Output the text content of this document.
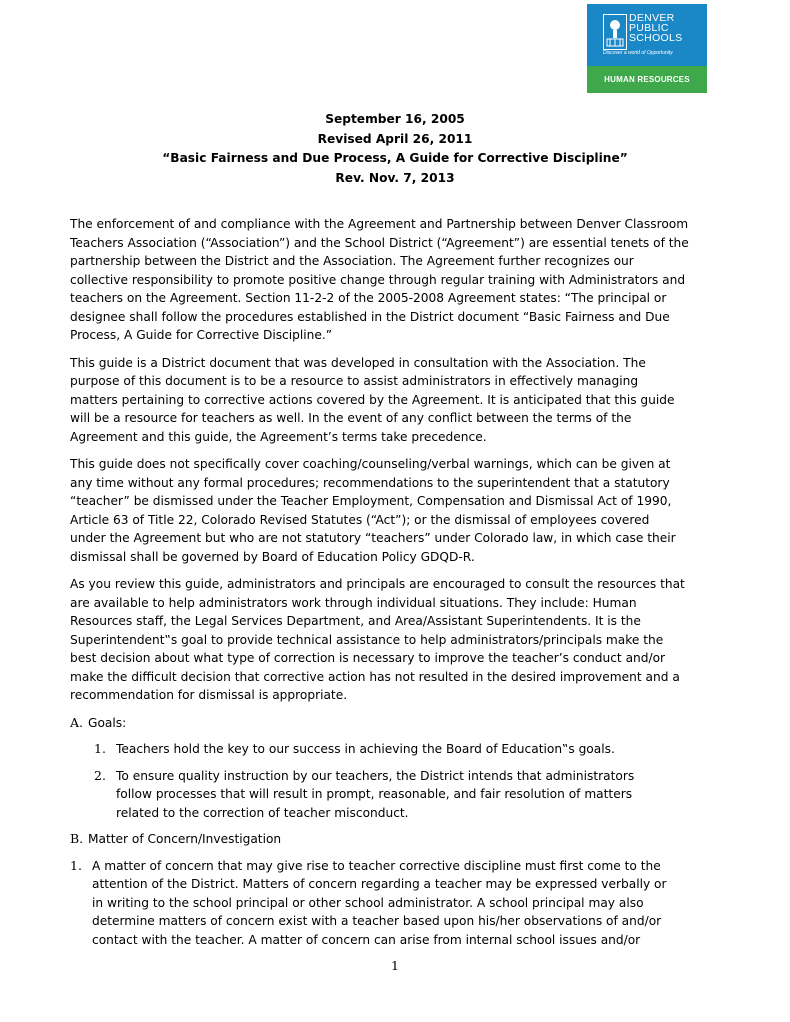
DENVER
PUBLIC
SCHOOLS
Discover a world of Opportunity
HUMAN RESOURCES
September 16, 2005
Revised April 26, 2011
“Basic Fairness and Due Process, A Guide for Corrective Discipline”
Rev. Nov. 7, 2013

The enforcement of and compliance with the Agreement and Partnership between Denver Classroom
Teachers Association (“Association”) and the School District (“Agreement”) are essential tenets of the
partnership between the District and the Association. The Agreement further recognizes our
collective responsibility to promote positive change through regular training with Administrators and
teachers on the Agreement. Section 11-2-2 of the 2005-2008 Agreement states: “The principal or
designee shall follow the procedures established in the District document “Basic Fairness and Due
Process, A Guide for Corrective Discipline.”

This guide is a District document that was developed in consultation with the Association. The
purpose of this document is to be a resource to assist administrators in effectively managing
matters pertaining to corrective actions covered by the Agreement. It is anticipated that this guide
will be a resource for teachers as well. In the event of any conflict between the terms of the
Agreement and this guide, the Agreement’s terms take precedence.

This guide does not specifically cover coaching/counseling/verbal warnings, which can be given at
any time without any formal procedures; recommendations to the superintendent that a statutory
“teacher” be dismissed under the Teacher Employment, Compensation and Dismissal Act of 1990,
Article 63 of Title 22, Colorado Revised Statutes (“Act”); or the dismissal of employees covered
under the Agreement but who are not statutory “teachers” under Colorado law, in which case their
dismissal shall be governed by Board of Education Policy GDQD-R.

As you review this guide, administrators and principals are encouraged to consult the resources that
are available to help administrators work through individual situations. They include: Human
Resources staff, the Legal Services Department, and Area/Assistant Superintendents. It is the
Superintendent‟s goal to provide technical assistance to help administrators/principals make the
best decision about what type of correction is necessary to improve the teacher’s conduct and/or
make the difficult decision that corrective action has not resulted in the desired improvement and a
recommendation for dismissal is appropriate.

A. Goals:
1. Teachers hold the key to our success in achieving the Board of Education‟s goals.
2. To ensure quality instruction by our teachers, the District intends that administrators
follow processes that will result in prompt, reasonable, and fair resolution of matters
related to the correction of teacher misconduct.
B. Matter of Concern/Investigation
1. A matter of concern that may give rise to teacher corrective discipline must first come to the
attention of the District. Matters of concern regarding a teacher may be expressed verbally or
in writing to the school principal or other school administrator. A school principal may also
determine matters of concern exist with a teacher based upon his/her observations of and/or
contact with the teacher. A matter of concern can arise from internal school issues and/or
1
